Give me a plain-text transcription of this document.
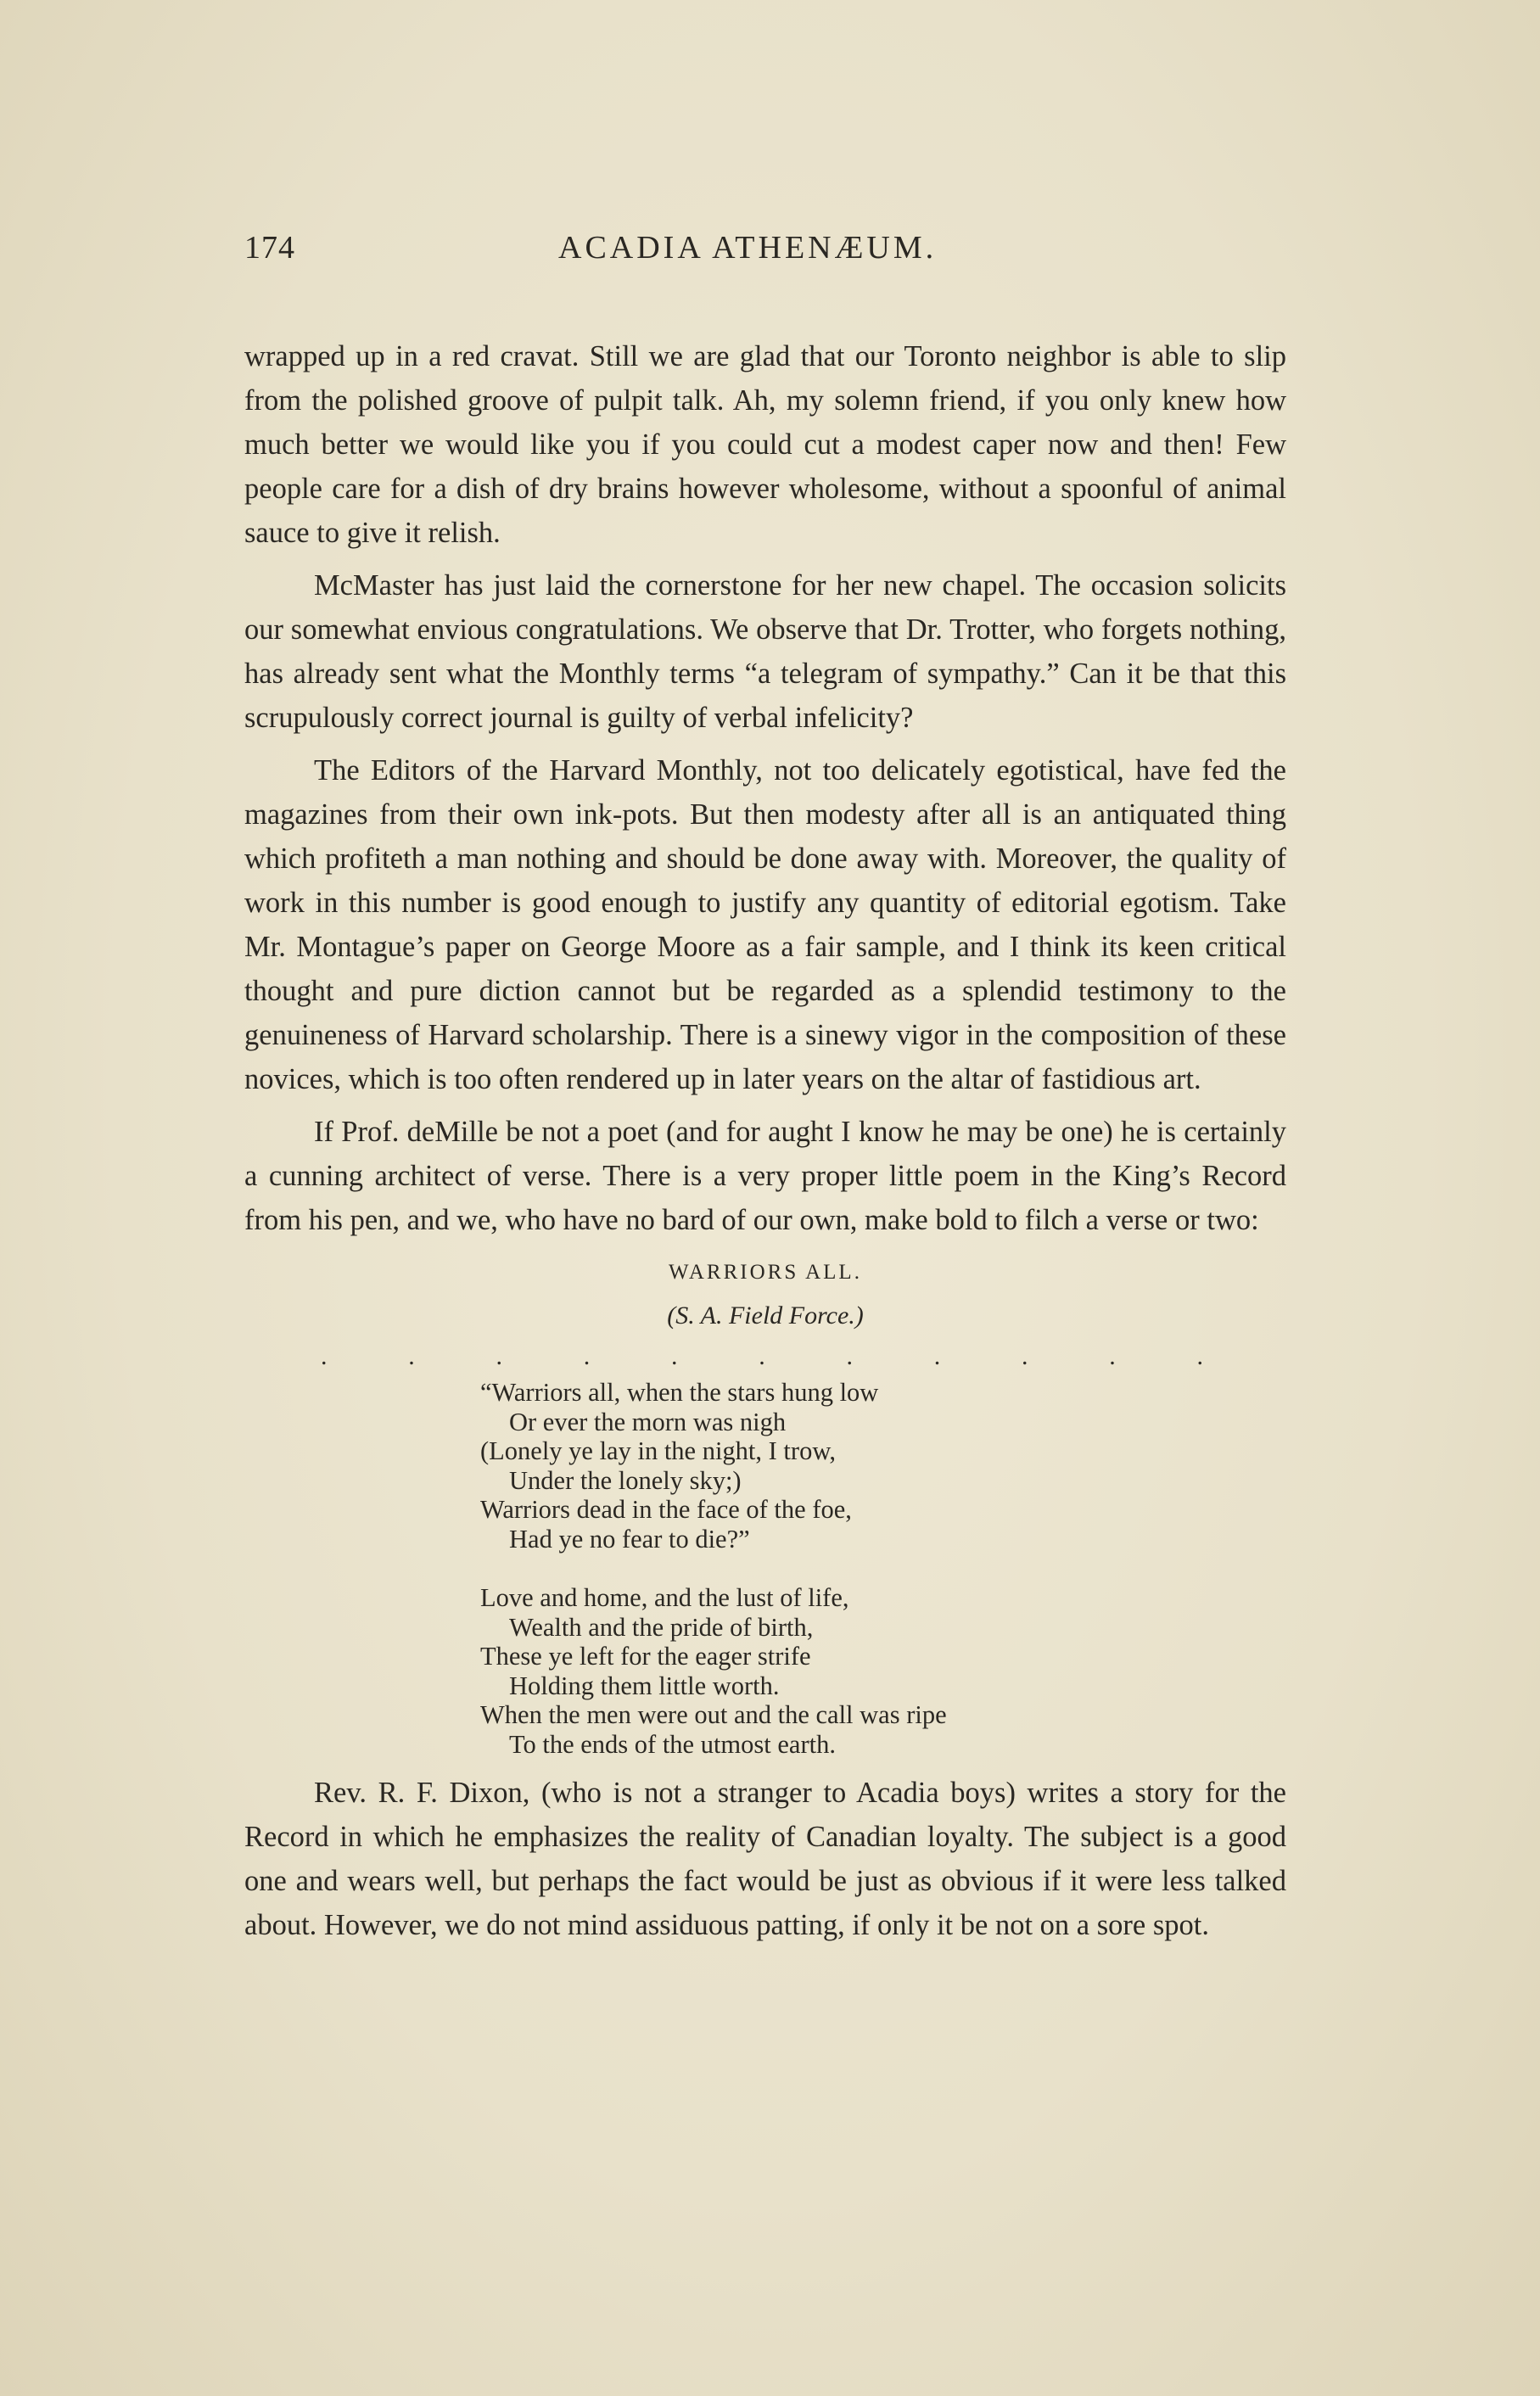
174	ACADIA ATHENÆUM.

wrapped up in a red cravat. Still we are glad that our Toronto neighbor is able to slip from the polished groove of pulpit talk. Ah, my solemn friend, if you only knew how much better we would like you if you could cut a modest caper now and then! Few people care for a dish of dry brains however wholesome, without a spoonful of animal sauce to give it relish.

McMaster has just laid the cornerstone for her new chapel. The occasion solicits our somewhat envious congratulations. We observe that Dr. Trotter, who forgets nothing, has already sent what the Monthly terms “a telegram of sympathy.” Can it be that this scrupulously correct journal is guilty of verbal infelicity?

The Editors of the Harvard Monthly, not too delicately egotistical, have fed the magazines from their own ink-pots. But then modesty after all is an antiquated thing which profiteth a man nothing and should be done away with. Moreover, the quality of work in this number is good enough to justify any quantity of editorial egotism. Take Mr. Montague’s paper on George Moore as a fair sample, and I think its keen critical thought and pure diction cannot but be regarded as a splendid testimony to the genuineness of Harvard scholarship. There is a sinewy vigor in the composition of these novices, which is too often rendered up in later years on the altar of fastidious art.

If Prof. deMille be not a poet (and for aught I know he may be one) he is certainly a cunning architect of verse. There is a very proper little poem in the King’s Record from his pen, and we, who have no bard of our own, make bold to filch a verse or two:

WARRIORS ALL.
(S. A. Field Force.)
.	.	.	.	.	.	.	.	.	.	.
“Warriors all, when the stars hung low
Or ever the morn was nigh
(Lonely ye lay in the night, I trow,
Under the lonely sky;)
Warriors dead in the face of the foe,
Had ye no fear to die?”
Love and home, and the lust of life,
Wealth and the pride of birth,
These ye left for the eager strife
Holding them little worth.
When the men were out and the call was ripe
To the ends of the utmost earth.

Rev. R. F. Dixon, (who is not a stranger to Acadia boys) writes a story for the Record in which he emphasizes the reality of Canadian loyalty. The subject is a good one and wears well, but perhaps the fact would be just as obvious if it were less talked about. However, we do not mind assiduous patting, if only it be not on a sore spot.
